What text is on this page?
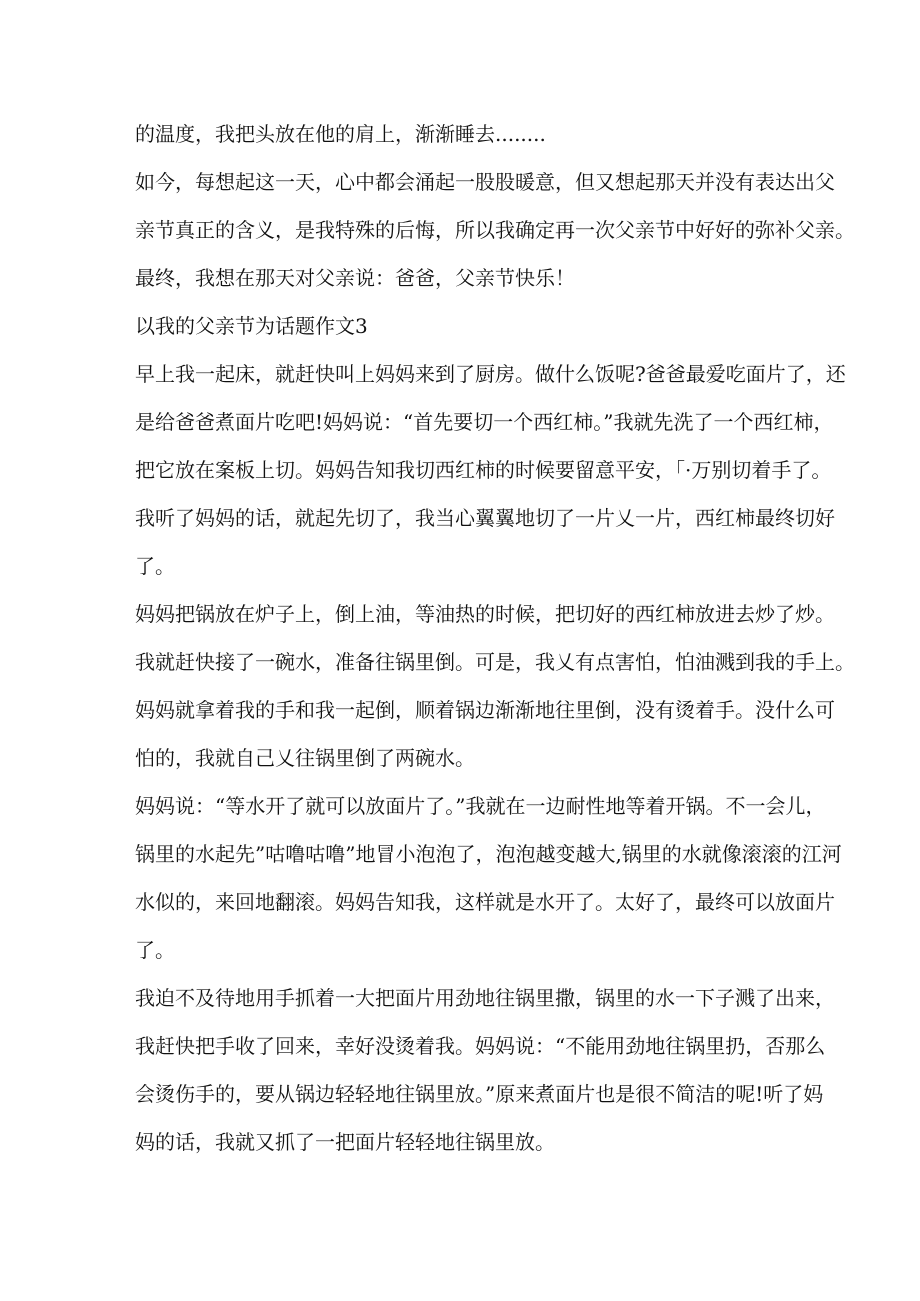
的温度，我把头放在他的肩上，渐渐睡去........
如今，每想起这一天，心中都会涌起一股股暖意，但又想起那天并没有表达出父
亲节真正的含义，是我特殊的后悔，所以我确定再一次父亲节中好好的弥补父亲。
最终，我想在那天对父亲说：爸爸，父亲节快乐！
以我的父亲节为话题作文3
早上我一起床，就赶快叫上妈妈来到了厨房。做什么饭呢?爸爸最爱吃面片了，还
是给爸爸煮面片吃吧!妈妈说：“首先要切一个西红柿。”我就先洗了一个西红柿，
把它放在案板上切。妈妈告知我切西红柿的时候要留意平安，「·万别切着手了。
我听了妈妈的话，就起先切了，我当心翼翼地切了一片乂一片，西红柿最终切好
了。
妈妈把锅放在炉子上，倒上油，等油热的时候，把切好的西红柿放进去炒了炒。
我就赶快接了一碗水，准备往锅里倒。可是，我乂有点害怕，怕油溅到我的手上。
妈妈就拿着我的手和我一起倒，顺着锅边渐渐地往里倒，没有烫着手。没什么可
怕的，我就自己乂往锅里倒了两碗水。
妈妈说：“等水开了就可以放面片了。”我就在一边耐性地等着开锅。不一会儿，
锅里的水起先”咕噜咕噜”地冒小泡泡了，泡泡越变越大,锅里的水就像滚滚的江河
水似的，来回地翻滚。妈妈告知我，这样就是水开了。太好了，最终可以放面片
了。
我迫不及待地用手抓着一大把面片用劲地往锅里撒，锅里的水一下子溅了出来，
我赶快把手收了回来，幸好没烫着我。妈妈说：“不能用劲地往锅里扔，否那么
会烫伤手的，要从锅边轻轻地往锅里放。”原来煮面片也是很不简洁的呢!听了妈
妈的话，我就又抓了一把面片轻轻地往锅里放。
